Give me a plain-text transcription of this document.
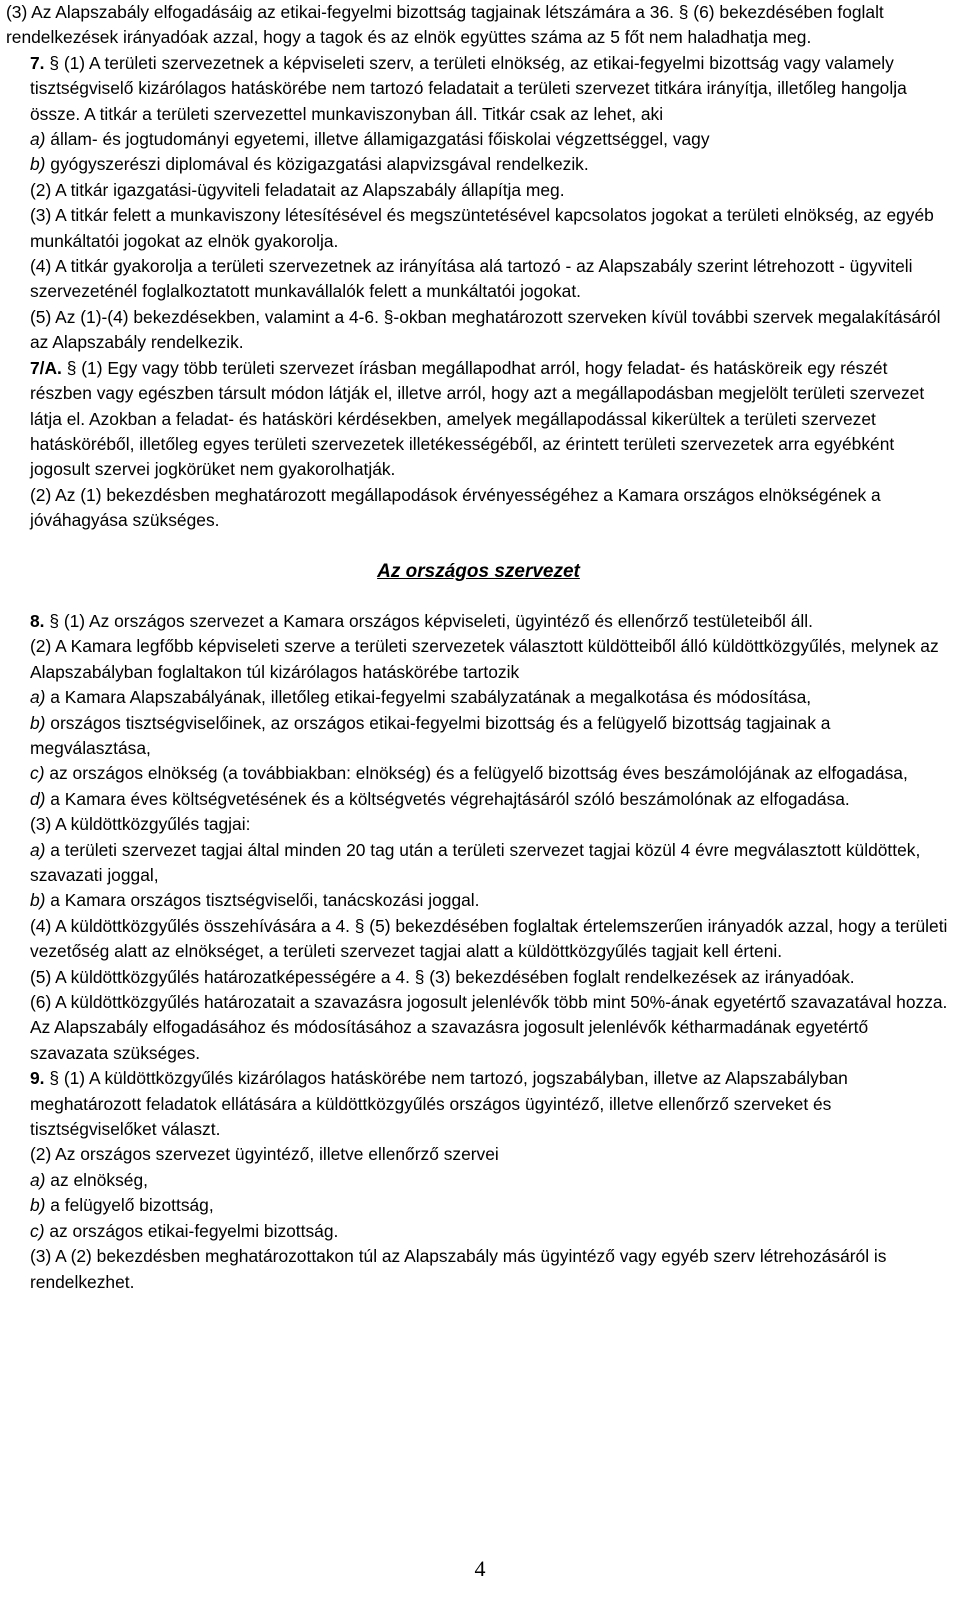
(3) Az Alapszabály elfogadásáig az etikai-fegyelmi bizottság tagjainak létszámára a 36. § (6) bekezdésében foglalt rendelkezések irányadóak azzal, hogy a tagok és az elnök együttes száma az 5 főt nem haladhatja meg.

7. § (1) A területi szervezetnek a képviseleti szerv, a területi elnökség, az etikai-fegyelmi bizottság vagy valamely tisztségviselő kizárólagos hatáskörébe nem tartozó feladatait a területi szervezet titkára irányítja, illetőleg hangolja össze. A titkár a területi szervezettel munkaviszonyban áll. Titkár csak az lehet, aki

a) állam- és jogtudományi egyetemi, illetve államigazgatási főiskolai végzettséggel, vagy

b) gyógyszerészi diplomával és közigazgatási alapvizsgával rendelkezik.

(2) A titkár igazgatási-ügyviteli feladatait az Alapszabály állapítja meg.

(3) A titkár felett a munkaviszony létesítésével és megszüntetésével kapcsolatos jogokat a területi elnökség, az egyéb munkáltatói jogokat az elnök gyakorolja.

(4) A titkár gyakorolja a területi szervezetnek az irányítása alá tartozó - az Alapszabály szerint létrehozott - ügyviteli szervezeténél foglalkoztatott munkavállalók felett a munkáltatói jogokat.

(5) Az (1)-(4) bekezdésekben, valamint a 4-6. §-okban meghatározott szerveken kívül további szervek megalakításáról az Alapszabály rendelkezik.

7/A. § (1) Egy vagy több területi szervezet írásban megállapodhat arról, hogy feladat- és hatásköreik egy részét részben vagy egészben társult módon látják el, illetve arról, hogy azt a megállapodásban megjelölt területi szervezet látja el. Azokban a feladat- és hatásköri kérdésekben, amelyek megállapodással kikerültek a területi szervezet hatásköréből, illetőleg egyes területi szervezetek illetékességéből, az érintett területi szervezetek arra egyébként jogosult szervei jogkörüket nem gyakorolhatják.

(2) Az (1) bekezdésben meghatározott megállapodások érvényességéhez a Kamara országos elnökségének a jóváhagyása szükséges.

Az országos szervezet

8. § (1) Az országos szervezet a Kamara országos képviseleti, ügyintéző és ellenőrző testületeiből áll.

(2) A Kamara legfőbb képviseleti szerve a területi szervezetek választott küldötteiből álló küldöttközgyűlés, melynek az Alapszabályban foglaltakon túl kizárólagos hatáskörébe tartozik

a) a Kamara Alapszabályának, illetőleg etikai-fegyelmi szabályzatának a megalkotása és módosítása,

b) országos tisztségviselőinek, az országos etikai-fegyelmi bizottság és a felügyelő bizottság tagjainak a megválasztása,

c) az országos elnökség (a továbbiakban: elnökség) és a felügyelő bizottság éves beszámolójának az elfogadása,

d) a Kamara éves költségvetésének és a költségvetés végrehajtásáról szóló beszámolónak az elfogadása.

(3) A küldöttközgyűlés tagjai:

a) a területi szervezet tagjai által minden 20 tag után a területi szervezet tagjai közül 4 évre megválasztott küldöttek, szavazati joggal,

b) a Kamara országos tisztségviselői, tanácskozási joggal.

(4) A küldöttközgyűlés összehívására a 4. § (5) bekezdésében foglaltak értelemszerűen irányadók azzal, hogy a területi vezetőség alatt az elnökséget, a területi szervezet tagjai alatt a küldöttközgyűlés tagjait kell érteni.

(5) A küldöttközgyűlés határozatképességére a 4. § (3) bekezdésében foglalt rendelkezések az irányadóak.

(6) A küldöttközgyűlés határozatait a szavazásra jogosult jelenlévők több mint 50%-ának egyetértő szavazatával hozza. Az Alapszabály elfogadásához és módosításához a szavazásra jogosult jelenlévők kétharmadának egyetértő szavazata szükséges.

9. § (1) A küldöttközgyűlés kizárólagos hatáskörébe nem tartozó, jogszabályban, illetve az Alapszabályban meghatározott feladatok ellátására a küldöttközgyűlés országos ügyintéző, illetve ellenőrző szerveket és tisztségviselőket választ.

(2) Az országos szervezet ügyintéző, illetve ellenőrző szervei

a) az elnökség,

b) a felügyelő bizottság,

c) az országos etikai-fegyelmi bizottság.

(3) A (2) bekezdésben meghatározottakon túl az Alapszabály más ügyintéző vagy egyéb szerv létrehozásáról is rendelkezhet.

4
